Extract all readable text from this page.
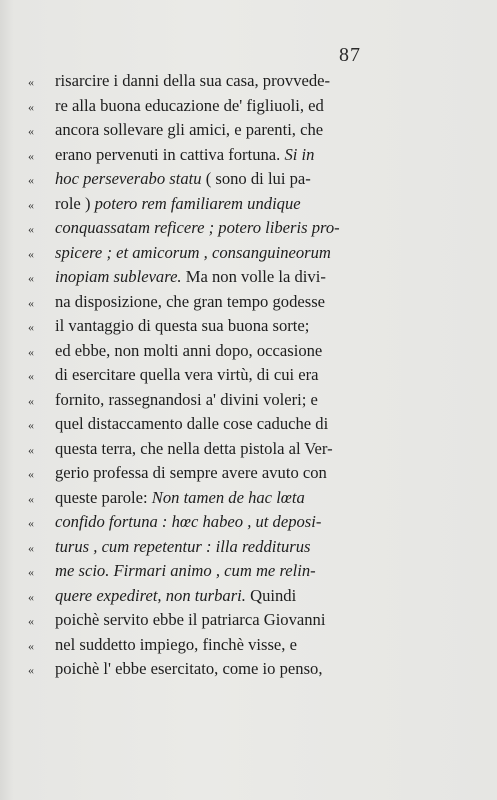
87
«	risarcire i danni della sua casa, provvede-
«	re alla buona educazione de' figliuoli, ed
«	ancora sollevare gli amici, e parenti, che
«	erano pervenuti in cattiva fortuna. Si in
«	hoc perseverabo statu ( sono di lui pa-
«	role ) potero rem familiarem undique
«	conquassatam reficere ; potero liberis pro-
«	spicere ; et amicorum , consanguineorum
«	inopiam sublevare. Ma non volle la divi-
«	na disposizione, che gran tempo godesse
«	il vantaggio di questa sua buona sorte;
«	ed ebbe, non molti anni dopo, occasione
«	di esercitare quella vera virtù, di cui era
«	fornito, rassegnandosi a' divini voleri; e
«	quel distaccamento dalle cose caduche di
«	questa terra, che nella detta pistola al Ver-
«	gerio professa di sempre avere avuto con
«	queste parole: Non tamen de hac lœta
«	confido fortuna : hœc habeo , ut deposi-
«	turus , cum repetentur : illa redditurus
«	me scio. Firmari animo , cum me relin-
«	quere expediret, non turbari. Quindi
«	poichè servito ebbe il patriarca Giovanni
«	nel suddetto impiego, finchè visse, e
«	poichè l' ebbe esercitato, come io penso,
